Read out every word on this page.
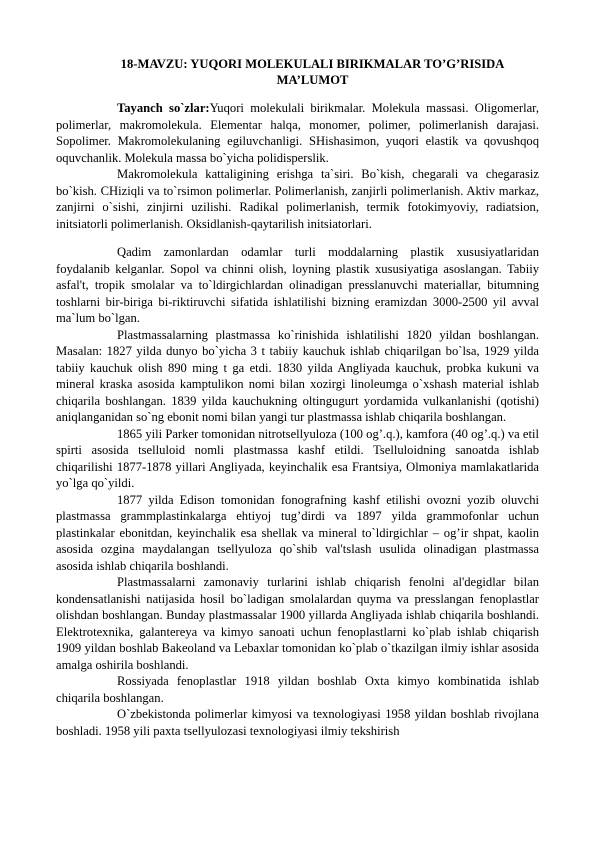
18-MAVZU: YUQORI MOLEKULALI BIRIKMALAR TO’G’RISIDA MA’LUMOT

Tayanch so`zlar:Yuqori molekulali birikmalar. Molekula massasi. Oligomerlar, polimerlar, makromolekula. Elementar halqa, monomer, polimer, polimerlanish darajasi. Sopolimer. Makromolekulaning egiluvchanligi. SHishasimon, yuqori elastik va qovushqoq oquvchanlik. Molekula massa bo`yicha polidisperslik.

Makromolekula kattaligining erishga ta`siri. Bo`kish, chegarali va chegarasiz bo`kish. CHiziqli va to`rsimon polimerlar. Polimerlanish, zanjirli polimerlanish. Aktiv markaz, zanjirni o`sishi, zinjirni uzilishi. Radikal polimerlanish, termik fotokimyoviy, radiatsion, initsiatorli polimerlanish. Oksidlanish-qaytarilish initsiatorlari.

Qadim zamonlardan odamlar turli moddalarning plastik xususiyatlaridan foydalanib kelganlar. Sopol va chinni olish, loyning plastik xususiyatiga asoslangan. Tabiiy asfal't, tropik smolalar va to`ldirgichlardan olinadigan presslanuvchi materiallar, bitumning toshlarni bir-biriga bi-riktiruvchi sifatida ishlatilishi bizning eramizdan 3000-2500 yil avval ma`lum bo`lgan.

Plastmassalarning plastmassa ko`rinishida ishlatilishi 1820 yildan boshlangan. Masalan: 1827 yilda dunyo bo`yicha 3 t tabiiy kauchuk ishlab chiqarilgan bo`lsa, 1929 yilda tabiiy kauchuk olish 890 ming t ga etdi. 1830 yilda Angliyada kauchuk, probka kukuni va mineral kraska asosida kamptulikon nomi bilan xozirgi linoleumga o`xshash material ishlab chiqarila boshlangan. 1839 yilda kauchukning oltingugurt yordamida vulkanlanishi (qotishi) aniqlanganidan so`ng ebonit nomi bilan yangi tur plastmassa ishlab chiqarila boshlangan.

1865 yili Parker tomonidan nitrotsellyuloza (100 og’.q.), kamfora (40 og’.q.) va etil spirti asosida tselluloid nomli plastmassa kashf etildi. Tselluloidning sanoatda ishlab chiqarilishi 1877-1878 yillari Angliyada, keyinchalik esa Frantsiya, Olmoniya mamlakatlarida yo`lga qo`yildi.

1877 yilda Edison tomonidan fonografning kashf etilishi ovozni yozib oluvchi plastmassa grammplastinkalarga ehtiyoj tug’dirdi va 1897 yilda grammofonlar uchun plastinkalar ebonitdan, keyinchalik esa shellak va mineral to`ldirgichlar – og’ir shpat, kaolin asosida ozgina maydalangan tsellyuloza qo`shib val'tslash usulida olinadigan plastmassa asosida ishlab chiqarila boshlandi.

Plastmassalarni zamonaviy turlarini ishlab chiqarish fenolni al'degidlar bilan kondensatlanishi natijasida hosil bo`ladigan smolalardan quyma va presslangan fenoplastlar olishdan boshlangan. Bunday plastmassalar 1900 yillarda Angliyada ishlab chiqarila boshlandi. Elektrotexnika, galantereya va kimyo sanoati uchun fenoplastlarni ko`plab ishlab chiqarish 1909 yildan boshlab Bakeoland va Lebaxlar tomonidan ko`plab o`tkazilgan ilmiy ishlar asosida amalga oshirila boshlandi.

Rossiyada fenoplastlar 1918 yildan boshlab Oxta kimyo kombinatida ishlab chiqarila boshlangan.

O`zbekistonda polimerlar kimyosi va texnologiyasi 1958 yildan boshlab rivojlana boshladi. 1958 yili paxta tsellyulozasi texnologiyasi ilmiy tekshirish
